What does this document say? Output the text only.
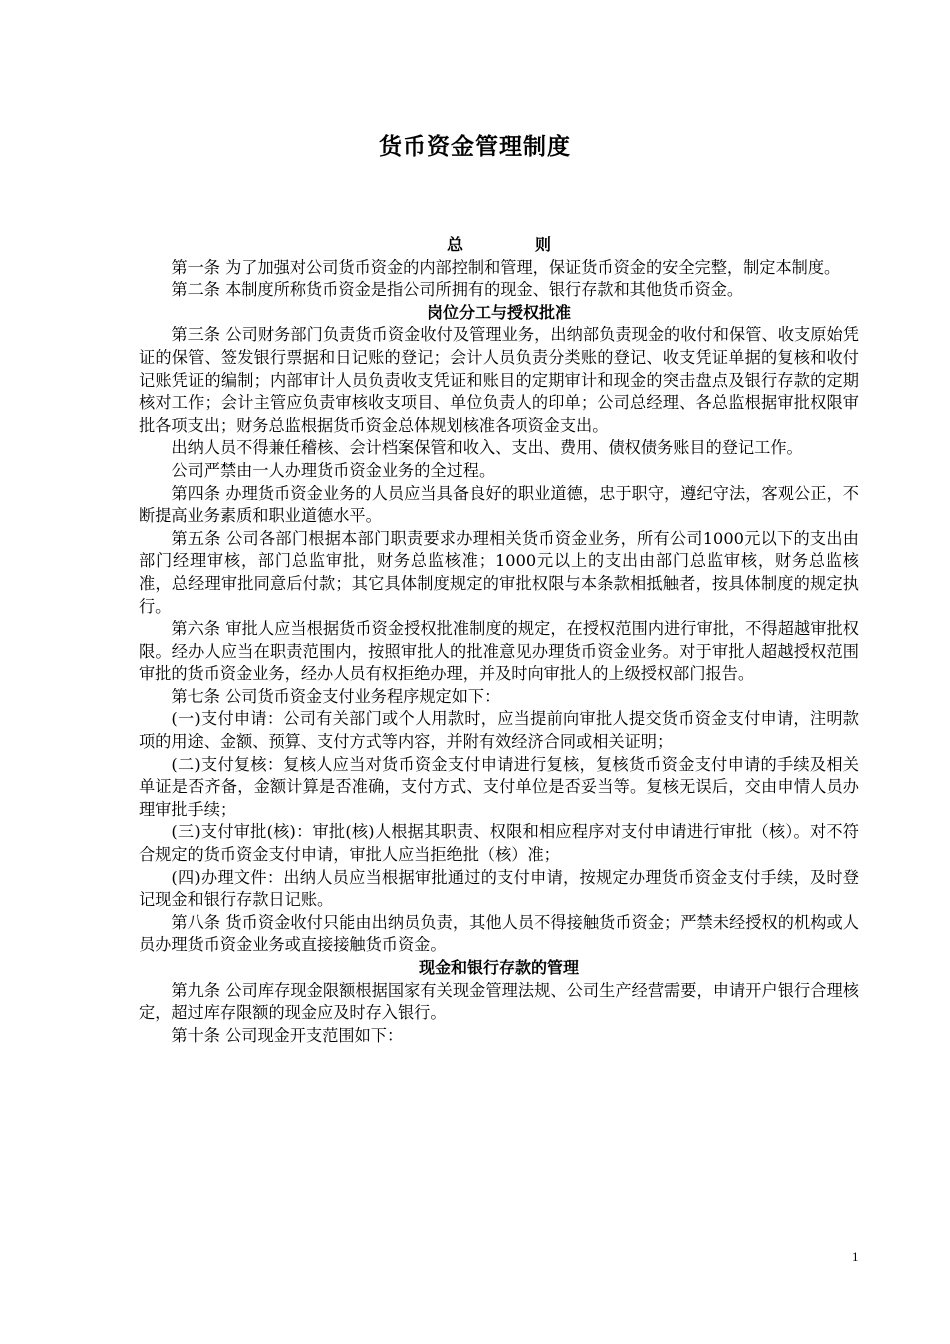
货币资金管理制度
总	则

第一条 为了加强对公司货币资金的内部控制和管理，保证货币资金的安全完整，制定本制度。

第二条 本制度所称货币资金是指公司所拥有的现金、银行存款和其他货币资金。

岗位分工与授权批准

第三条 公司财务部门负责货币资金收付及管理业务，出纳部负责现金的收付和保管、收支原始凭证的保管、签发银行票据和日记账的登记；会计人员负责分类账的登记、收支凭证单据的复核和收付记账凭证的编制；内部审计人员负责收支凭证和账目的定期审计和现金的突击盘点及银行存款的定期核对工作；会计主管应负责审核收支项目、单位负责人的印单；公司总经理、各总监根据审批权限审批各项支出；财务总监根据货币资金总体规划核准各项资金支出。

出纳人员不得兼任稽核、会计档案保管和收入、支出、费用、债权债务账目的登记工作。

公司严禁由一人办理货币资金业务的全过程。

第四条 办理货币资金业务的人员应当具备良好的职业道德，忠于职守，遵纪守法，客观公正，不断提高业务素质和职业道德水平。

第五条 公司各部门根据本部门职责要求办理相关货币资金业务，所有公司1000元以下的支出由部门经理审核，部门总监审批，财务总监核准；1000元以上的支出由部门总监审核，财务总监核准，总经理审批同意后付款；其它具体制度规定的审批权限与本条款相抵触者，按具体制度的规定执行。

第六条 审批人应当根据货币资金授权批准制度的规定，在授权范围内进行审批，不得超越审批权限。经办人应当在职责范围内，按照审批人的批准意见办理货币资金业务。对于审批人超越授权范围审批的货币资金业务，经办人员有权拒绝办理，并及时向审批人的上级授权部门报告。

第七条 公司货币资金支付业务程序规定如下：

(一)支付申请：公司有关部门或个人用款时，应当提前向审批人提交货币资金支付申请，注明款项的用途、金额、预算、支付方式等内容，并附有效经济合同或相关证明；

(二)支付复核：复核人应当对货币资金支付申请进行复核，复核货币资金支付申请的手续及相关单证是否齐备，金额计算是否准确，支付方式、支付单位是否妥当等。复核无误后，交由申情人员办理审批手续；

(三)支付审批(核)：审批(核)人根据其职责、权限和相应程序对支付申请进行审批（核）。对不符合规定的货币资金支付申请，审批人应当拒绝批（核）准；

(四)办理文件：出纳人员应当根据审批通过的支付申请，按规定办理货币资金支付手续，及时登记现金和银行存款日记账。

第八条 货币资金收付只能由出纳员负责，其他人员不得接触货币资金；严禁未经授权的机构或人员办理货币资金业务或直接接触货币资金。

现金和银行存款的管理

第九条 公司库存现金限额根据国家有关现金管理法规、公司生产经营需要，申请开户银行合理核定，超过库存限额的现金应及时存入银行。

第十条 公司现金开支范围如下：

1
